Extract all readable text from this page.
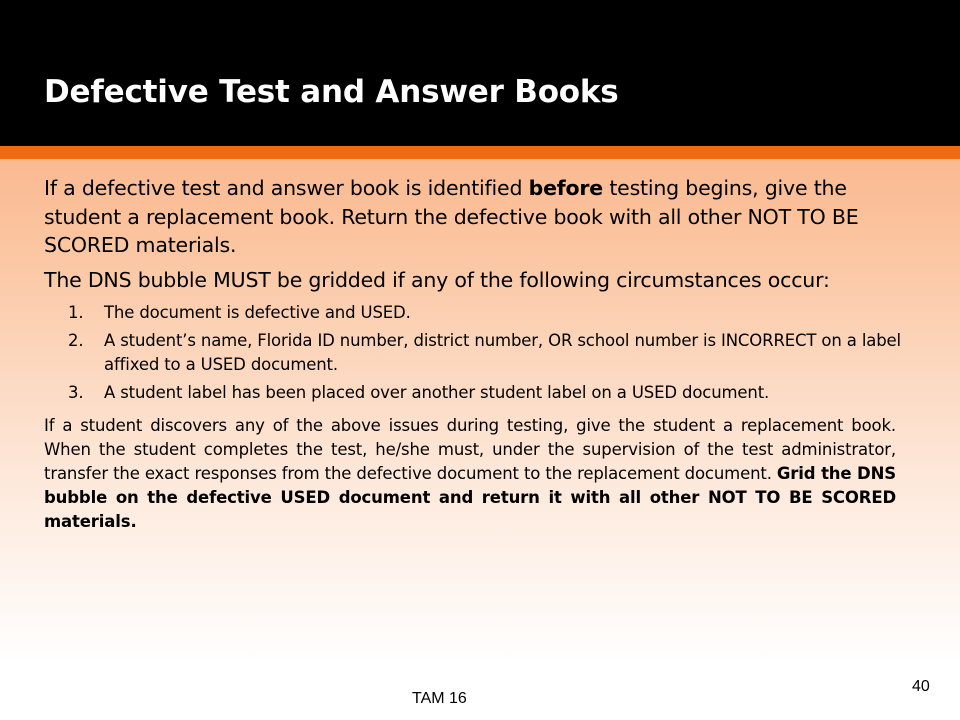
Defective Test and Answer Books

If a defective test and answer book is identified before testing begins, give the student a replacement book. Return the defective book with all other NOT TO BE SCORED materials.

The DNS bubble MUST be gridded if any of the following circumstances occur:

1. The document is defective and USED.
2. A student’s name, Florida ID number, district number, OR school number is INCORRECT on a label affixed to a USED document.
3. A student label has been placed over another student label on a USED document.

If a student discovers any of the above issues during testing, give the student a replacement book. When the student completes the test, he/she must, under the supervision of the test administrator, transfer the exact responses from the defective document to the replacement document. Grid the DNS bubble on the defective USED document and return it with all other NOT TO BE SCORED materials.

TAM 16
40
